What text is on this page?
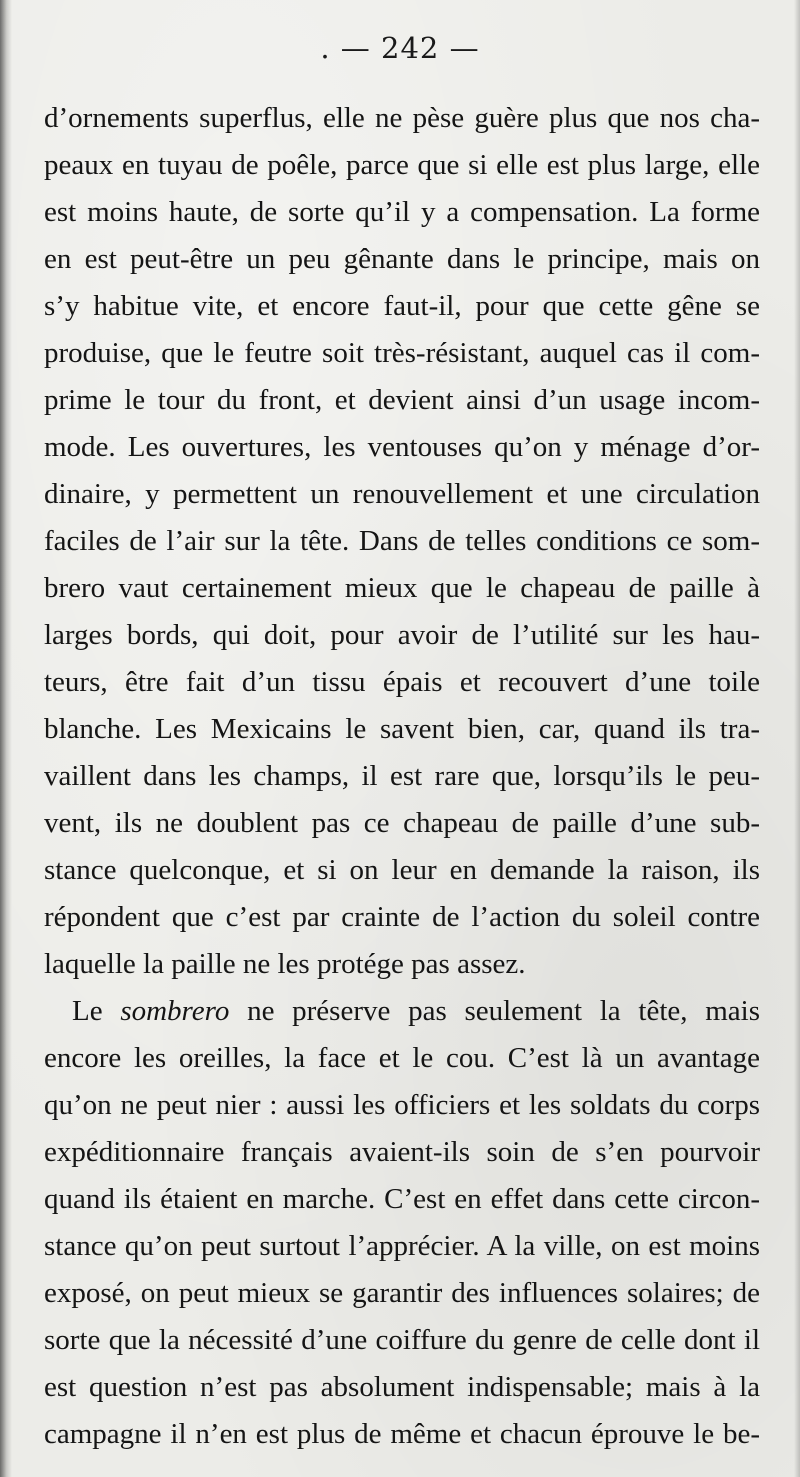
. — 242 —
d’ornements superflus, elle ne pèse guère plus que nos cha-
peaux en tuyau de poêle, parce que si elle est plus large, elle
est moins haute, de sorte qu’il y a compensation. La forme
en est peut-être un peu gênante dans le principe, mais on
s’y habitue vite, et encore faut-il, pour que cette gêne se
produise, que le feutre soit très-résistant, auquel cas il com-
prime le tour du front, et devient ainsi d’un usage incom-
mode. Les ouvertures, les ventouses qu’on y ménage d’or-
dinaire, y permettent un renouvellement et une circulation
faciles de l’air sur la tête. Dans de telles conditions ce som-
brero vaut certainement mieux que le chapeau de paille à
larges bords, qui doit, pour avoir de l’utilité sur les hau-
teurs, être fait d’un tissu épais et recouvert d’une toile
blanche. Les Mexicains le savent bien, car, quand ils tra-
vaillent dans les champs, il est rare que, lorsqu’ils le peu-
vent, ils ne doublent pas ce chapeau de paille d’une sub-
stance quelconque, et si on leur en demande la raison, ils
répondent que c’est par crainte de l’action du soleil contre
laquelle la paille ne les protége pas assez.
Le sombrero ne préserve pas seulement la tête, mais
encore les oreilles, la face et le cou. C’est là un avantage
qu’on ne peut nier : aussi les officiers et les soldats du corps
expéditionnaire français avaient-ils soin de s’en pourvoir
quand ils étaient en marche. C’est en effet dans cette circon-
stance qu’on peut surtout l’apprécier. A la ville, on est moins
exposé, on peut mieux se garantir des influences solaires; de
sorte que la nécessité d’une coiffure du genre de celle dont il
est question n’est pas absolument indispensable; mais à la
campagne il n’en est plus de même et chacun éprouve le be-
